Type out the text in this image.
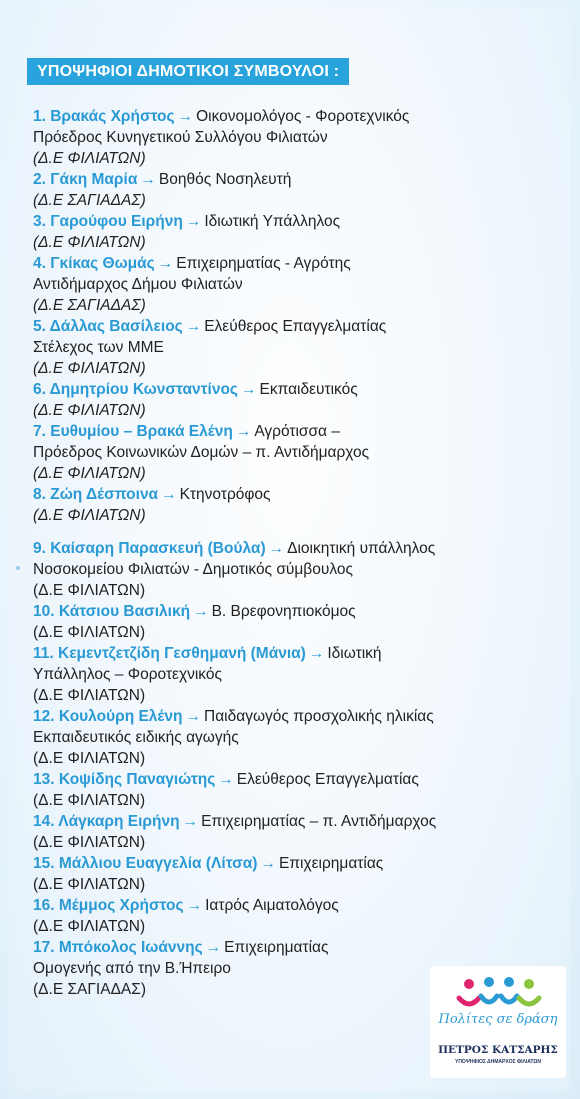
ΥΠΟΨΗΦΙΟΙ ΔΗΜΟΤΙΚΟΙ ΣΥΜΒΟΥΛΟΙ :
1. Βρακάς Χρήστος → Οικονομολόγος - Φοροτεχνικός
Πρόεδρος Κυνηγετικού Συλλόγου Φιλιατών
(Δ.Ε ΦΙΛΙΑΤΩΝ)
2. Γάκη Μαρία → Βοηθός Νοσηλευτή
(Δ.Ε ΣΑΓΙΑΔΑΣ)
3. Γαρούφου Ειρήνη → Ιδιωτική Υπάλληλος
(Δ.Ε ΦΙΛΙΑΤΩΝ)
4. Γκίκας Θωμάς → Επιχειρηματίας - Αγρότης
Αντιδήμαρχος Δήμου Φιλιατών
(Δ.Ε ΣΑΓΙΑΔΑΣ)
5. Δάλλας Βασίλειος → Ελεύθερος Επαγγελματίας
Στέλεχος των ΜΜΕ
(Δ.Ε ΦΙΛΙΑΤΩΝ)
6. Δημητρίου Κωνσταντίνος → Εκπαιδευτικός
(Δ.Ε ΦΙΛΙΑΤΩΝ)
7. Ευθυμίου – Βρακά Ελένη → Αγρότισσα –
Πρόεδρος Κοινωνικών Δομών – π. Αντιδήμαρχος
(Δ.Ε ΦΙΛΙΑΤΩΝ)
8. Ζώη Δέσποινα → Κτηνοτρόφος
(Δ.Ε ΦΙΛΙΑΤΩΝ)
9. Καίσαρη Παρασκευή (Βούλα) → Διοικητική υπάλληλος
Νοσοκομείου Φιλιατών - Δημοτικός σύμβουλος
(Δ.Ε ΦΙΛΙΑΤΩΝ)
10. Κάτσιου Βασιλική → Β. Βρεφονηπιοκόμος
(Δ.Ε ΦΙΛΙΑΤΩΝ)
11. Κεμεντζετζίδη Γεσθημανή (Μάνια) → Ιδιωτική
Υπάλληλος – Φοροτεχνικός
(Δ.Ε ΦΙΛΙΑΤΩΝ)
12. Κουλούρη Ελένη → Παιδαγωγός προσχολικής ηλικίας
Εκπαιδευτικός ειδικής αγωγής
(Δ.Ε ΦΙΛΙΑΤΩΝ)
13. Κοψίδης Παναγιώτης → Ελεύθερος Επαγγελματίας
(Δ.Ε ΦΙΛΙΑΤΩΝ)
14. Λάγκαρη Ειρήνη → Επιχειρηματίας – π. Αντιδήμαρχος
(Δ.Ε ΦΙΛΙΑΤΩΝ)
15. Μάλλιου Ευαγγελία (Λίτσα) → Επιχειρηματίας
(Δ.Ε ΦΙΛΙΑΤΩΝ)
16. Μέμμος Χρήστος → Ιατρός Αιματολόγος
(Δ.Ε ΦΙΛΙΑΤΩΝ)
17. Μπόκολος Ιωάννης → Επιχειρηματίας
Ομογενής από την Β.Ήπειρο
(Δ.Ε ΣΑΓΙΑΔΑΣ)
Πολίτες σε δράση
ΠΕΤΡΟΣ ΚΑΤΣΑΡΗΣ
ΥΠΟΨΗΦΙΟΣ ΔΗΜΑΡΧΟΣ ΦΙΛΙΑΤΩΝ
